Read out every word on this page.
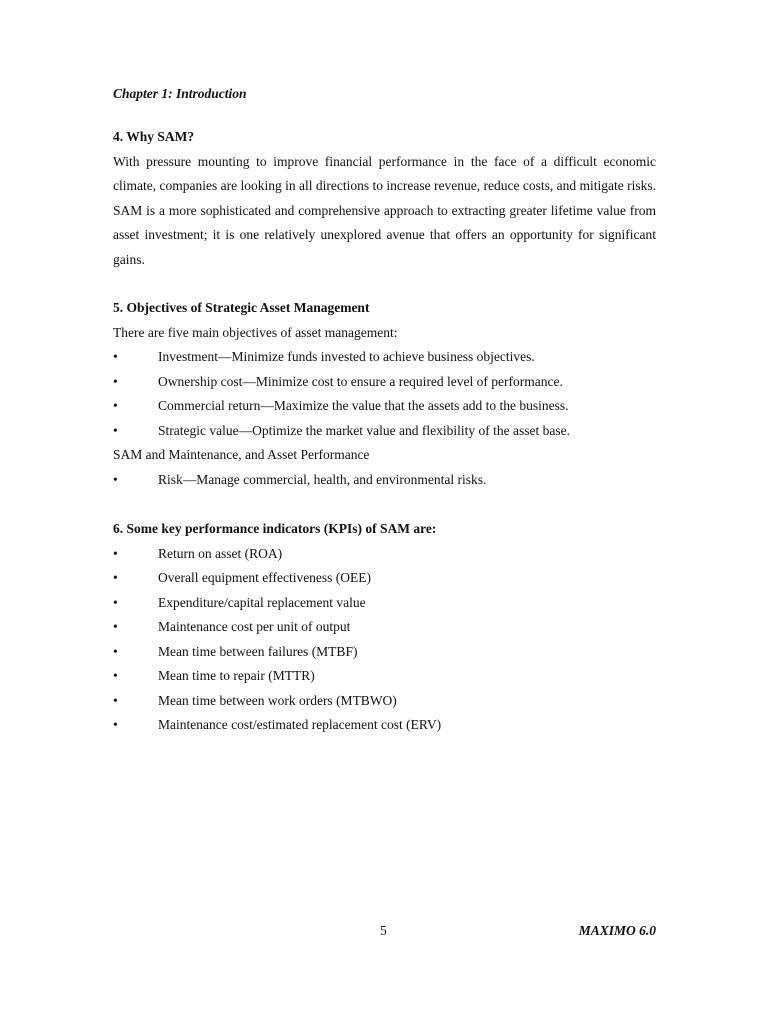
Chapter 1: Introduction
4. Why SAM?

With pressure mounting to improve financial performance in the face of a difficult economic climate, companies are looking in all directions to increase revenue, reduce costs, and mitigate risks. SAM is a more sophisticated and comprehensive approach to extracting greater lifetime value from asset investment; it is one relatively unexplored avenue that offers an opportunity for significant gains.

5. Objectives of Strategic Asset Management
There are five main objectives of asset management:
•	Investment—Minimize funds invested to achieve business objectives.
•	Ownership cost—Minimize cost to ensure a required level of performance.
•	Commercial return—Maximize the value that the assets add to the business.
•	Strategic value—Optimize the market value and flexibility of the asset base.
SAM and Maintenance, and Asset Performance
•	Risk—Manage commercial, health, and environmental risks.
6. Some key performance indicators (KPIs) of SAM are:
•	Return on asset (ROA)
•	Overall equipment effectiveness (OEE)
•	Expenditure/capital replacement value
•	Maintenance cost per unit of output
•	Mean time between failures (MTBF)
•	Mean time to repair (MTTR)
•	Mean time between work orders (MTBWO)
•	Maintenance cost/estimated replacement cost (ERV)
5	MAXIMO 6.0
